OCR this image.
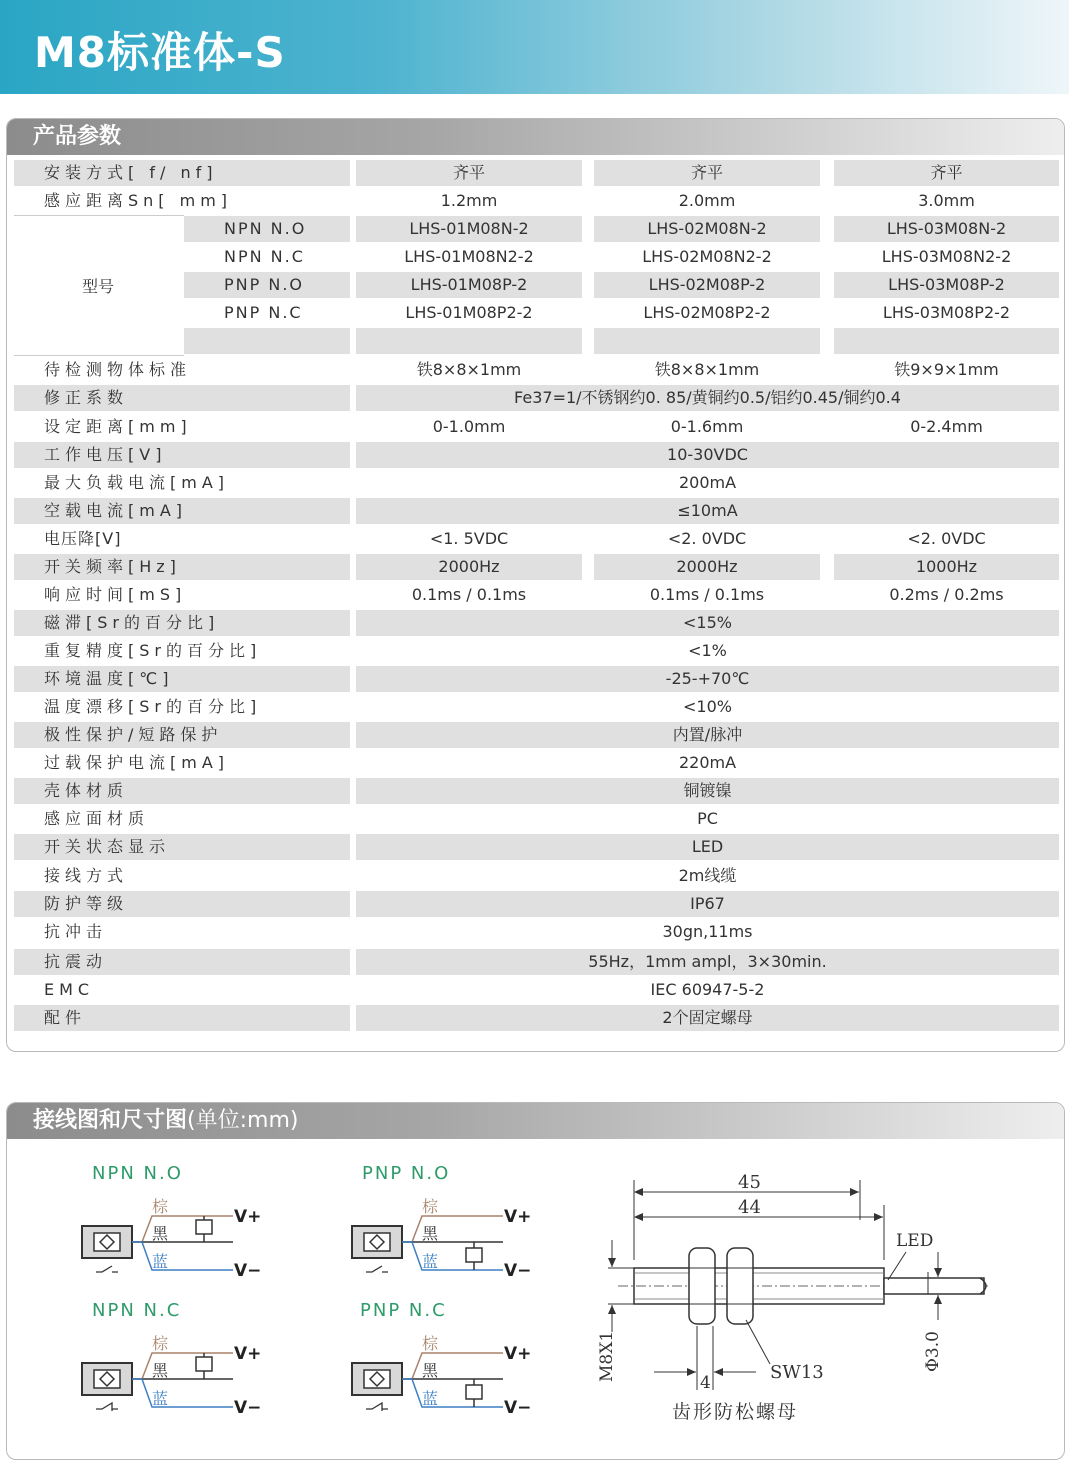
M8标准体-S
产品参数
安装方式[ f/ nf]	齐平	齐平	齐平
感应距离Sn[ mm]	1.2mm	2.0mm	3.0mm
型号
NPN N.O	LHS-01M08N-2	LHS-02M08N-2	LHS-03M08N-2
NPN N.C	LHS-01M08N2-2	LHS-02M08N2-2	LHS-03M08N2-2
PNP N.O	LHS-01M08P-2	LHS-02M08P-2	LHS-03M08P-2
PNP N.C	LHS-01M08P2-2	LHS-02M08P2-2	LHS-03M08P2-2
待检测物体标准	铁8×8×1mm	铁8×8×1mm	铁9×9×1mm
修正系数	Fe37=1/不锈钢约0. 85/黄铜约0.5/铝约0.45/铜约0.4
设定距离[mm]	0-1.0mm	0-1.6mm	0-2.4mm
工作电压[V]	10-30VDC
最大负载电流[mA]	200mA
空载电流[mA]	≤10mA
电压降[V]	<1. 5VDC	<2. 0VDC	<2. 0VDC
开关频率[Hz]	2000Hz	2000Hz	1000Hz
响应时间[mS]	0.1ms / 0.1ms	0.1ms / 0.1ms	0.2ms / 0.2ms
磁滞[Sr的百分比]	<15%
重复精度[Sr的百分比]	<1%
环境温度[℃]	-25-+70℃
温度漂移[Sr的百分比]	<10%
极性保护/短路保护	内置/脉冲
过载保护电流[mA]	220mA
壳体材质	铜镀镍
感应面材质	PC
开关状态显示	LED
接线方式	2m线缆
防护等级	IP67
抗冲击	30gn,11ms
抗震动	55Hz，1mm ampl，3×30min.
EMC	IEC 60947-5-2
配件	2个固定螺母
接线图和尺寸图(单位:mm)
NPN N.O
棕
黑
蓝
V+
V−
PNP N.O
棕
黑
蓝
V+
V−
NPN N.C
棕
黑
蓝
V+
V−
PNP N.C
棕
黑
蓝
V+
V−
45
44
LED
M8X1	Φ3.0
4	SW13
齿形防松螺母
